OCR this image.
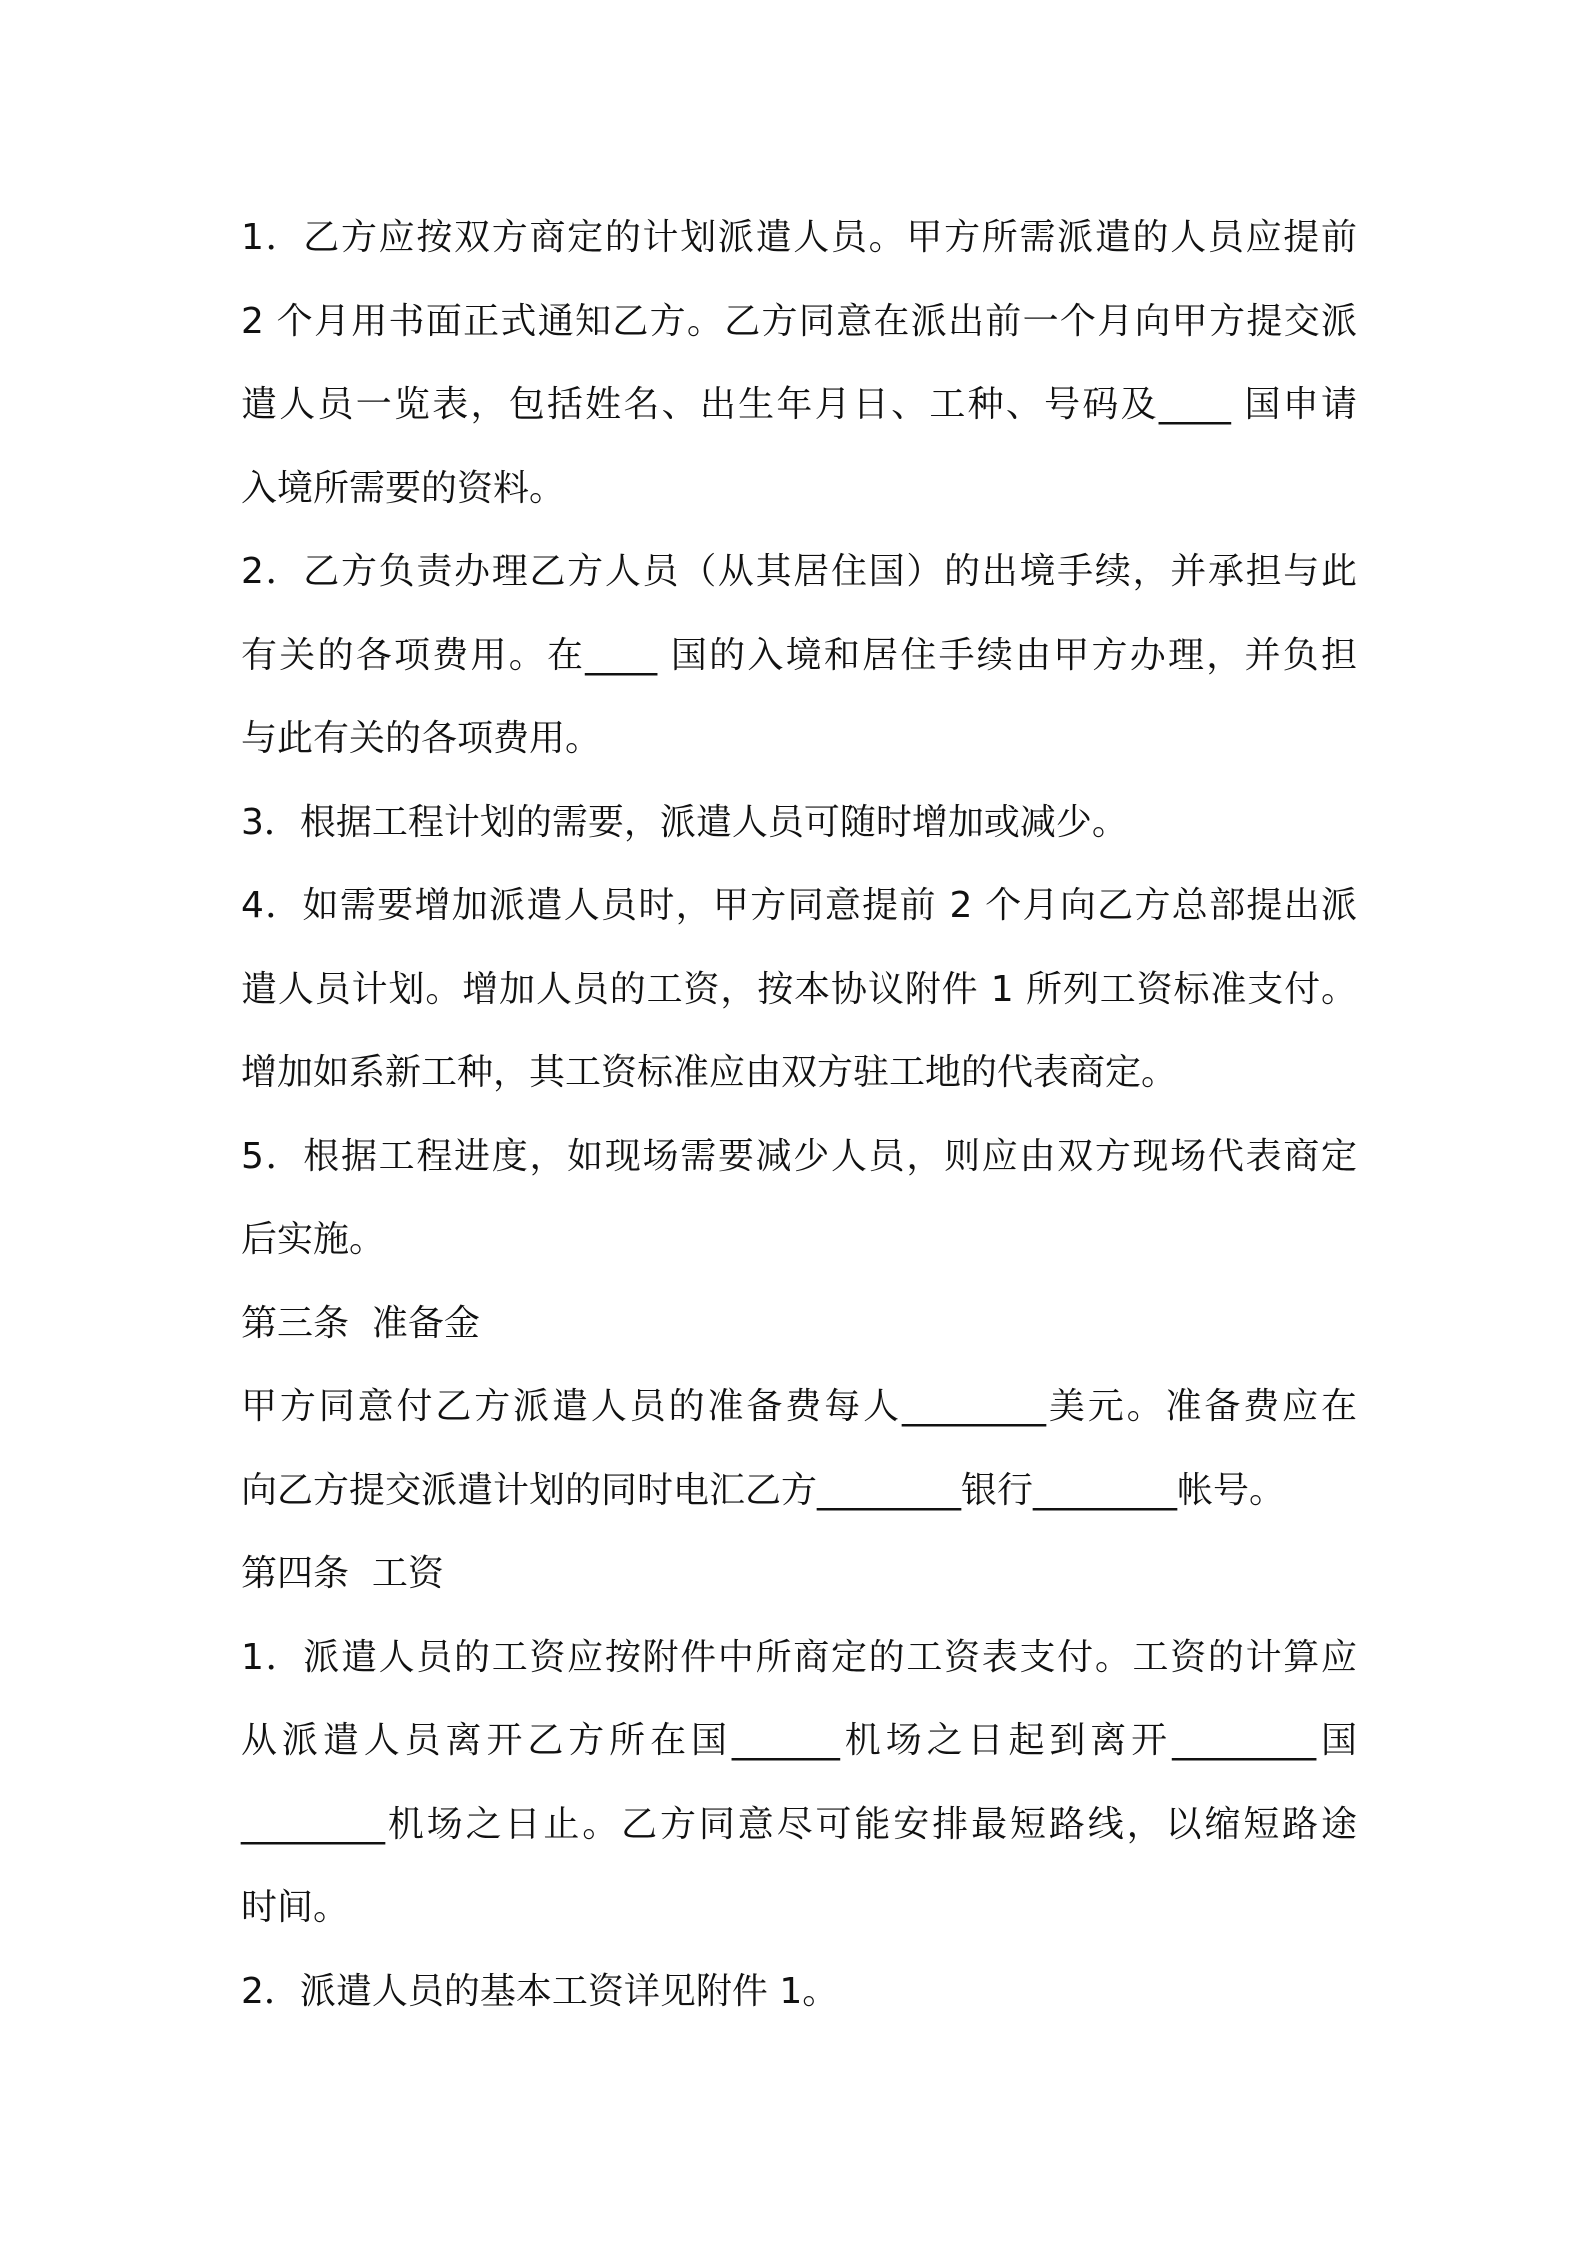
1．乙方应按双方商定的计划派遣人员。甲方所需派遣的人员应提前
2 个月用书面正式通知乙方。乙方同意在派出前一个月向甲方提交派
遣人员一览表，包括姓名、出生年月日、工种、号码及____ 国申请
入境所需要的资料。
2．乙方负责办理乙方人员（从其居住国）的出境手续，并承担与此
有关的各项费用。在____ 国的入境和居住手续由甲方办理，并负担
与此有关的各项费用。
3．根据工程计划的需要，派遣人员可随时增加或减少。
4．如需要增加派遣人员时，甲方同意提前 2 个月向乙方总部提出派
遣人员计划。增加人员的工资，按本协议附件 1 所列工资标准支付。
增加如系新工种，其工资标准应由双方驻工地的代表商定。
5．根据工程进度，如现场需要减少人员，则应由双方现场代表商定
后实施。
第三条  准备金
甲方同意付乙方派遣人员的准备费每人________美元。准备费应在
向乙方提交派遣计划的同时电汇乙方________银行________帐号。
第四条  工资
1．派遣人员的工资应按附件中所商定的工资表支付。工资的计算应
从派遣人员离开乙方所在国______机场之日起到离开________国
________机场之日止。乙方同意尽可能安排最短路线，以缩短路途
时间。
2．派遣人员的基本工资详见附件 1。
